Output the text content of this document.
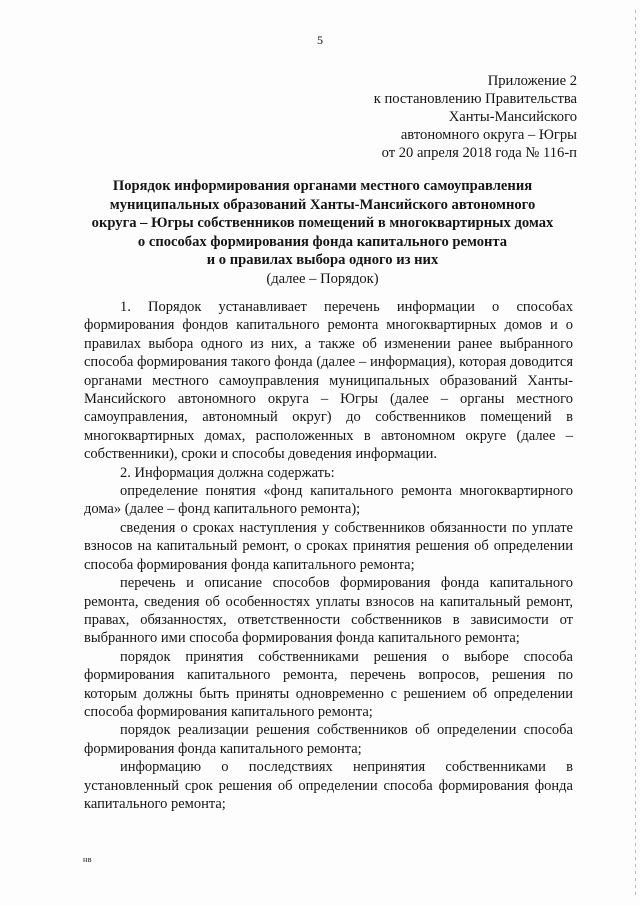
5
Приложение 2
к постановлению Правительства
Ханты-Мансийского
автономного округа – Югры
от 20 апреля 2018 года № 116-п
Порядок информирования органами местного самоуправления
муниципальных образований Ханты-Мансийского автономного
округа – Югры собственников помещений в многоквартирных домах
о способах формирования фонда капитального ремонта
и о правилах выбора одного из них
(далее – Порядок)

1. Порядок устанавливает перечень информации о способах формирования фондов капитального ремонта многоквартирных домов и о правилах выбора одного из них, а также об изменении ранее выбранного способа формирования такого фонда (далее – информация), которая доводится органами местного самоуправления муниципальных образований Ханты-Мансийского автономного округа – Югры (далее – органы местного самоуправления, автономный округ) до собственников помещений в многоквартирных домах, расположенных в автономном округе (далее – собственники), сроки и способы доведения информации.

2. Информация должна содержать:

определение понятия «фонд капитального ремонта многоквартирного дома» (далее – фонд капитального ремонта);

сведения о сроках наступления у собственников обязанности по уплате взносов на капитальный ремонт, о сроках принятия решения об определении способа формирования фонда капитального ремонта;

перечень и описание способов формирования фонда капитального ремонта, сведения об особенностях уплаты взносов на капитальный ремонт, правах, обязанностях, ответственности собственников в зависимости от выбранного ими способа формирования фонда капитального ремонта;

порядок принятия собственниками решения о выборе способа формирования капитального ремонта, перечень вопросов, решения по которым должны быть приняты одновременно с решением об определении способа формирования капитального ремонта;

порядок реализации решения собственников об определении способа формирования фонда капитального ремонта;

информацию о последствиях непринятия собственниками в установленный срок решения об определении способа формирования фонда капитального ремонта;

нв
